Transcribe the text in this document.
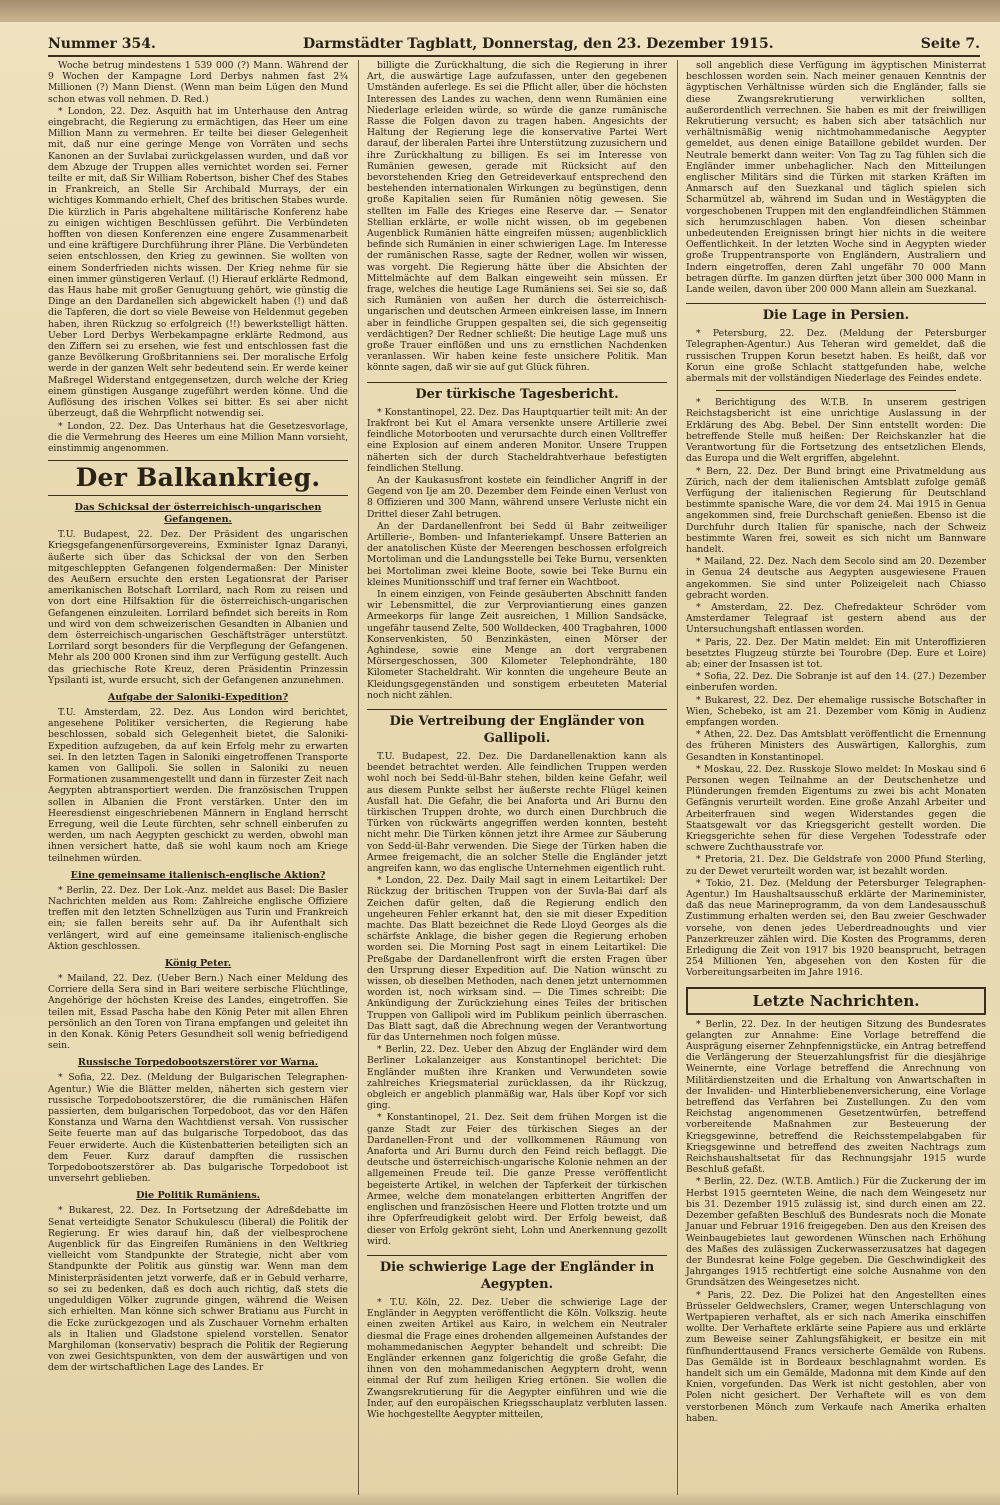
Nummer 354.	Darmstädter Tagblatt, Donnerstag, den 23. Dezember 1915.	Seite 7.

Woche betrug mindestens 1 539 000 (?) Mann. Während der 9 Wochen der Kampagne Lord Derbys nahmen fast 2¾ Millionen (?) Mann Dienst. (Wenn man beim Lügen den Mund schon etwas voll nehmen. D. Red.)

* London, 22. Dez. Asquith hat im Unterhause den Antrag eingebracht, die Regierung zu ermächtigen, das Heer um eine Million Mann zu vermehren. Er teilte bei dieser Gelegenheit mit, daß nur eine geringe Menge von Vorräten und sechs Kanonen an der Suvlabai zurückgelassen wurden, und daß vor dem Abzuge der Truppen alles vernichtet worden sei. Ferner teilte er mit, daß Sir William Robertson, bisher Chef des Stabes in Frankreich, an Stelle Sir Archibald Murrays, der ein wichtiges Kommando erhielt, Chef des britischen Stabes wurde. Die kürzlich in Paris abgehaltene militärische Konferenz habe zu einigen wichtigen Beschlüssen geführt. Die Verbündeten hofften von diesen Konferenzen eine engere Zusammenarbeit und eine kräftigere Durchführung ihrer Pläne. Die Verbündeten seien entschlossen, den Krieg zu gewinnen. Sie wollten von einem Sonderfrieden nichts wissen. Der Krieg nehme für sie einen immer günstigeren Verlauf. (!) Hierauf erklärte Redmond, das Haus habe mit großer Genugtuung gehört, wie günstig die Dinge an den Dardanellen sich abgewickelt haben (!) und daß die Tapferen, die dort so viele Beweise von Heldenmut gegeben haben, ihren Rückzug so erfolgreich (!!) bewerkstelligt hätten. Ueber Lord Derbys Werbekampagne erklärte Redmond, aus den Ziffern sei zu ersehen, wie fest und entschlossen fast die ganze Bevölkerung Großbritanniens sei. Der moralische Erfolg werde in der ganzen Welt sehr bedeutend sein. Er werde keiner Maßregel Widerstand entgegensetzen, durch welche der Krieg einem günstigen Ausgange zugeführt werden könne. Und die Auflösung des irischen Volkes sei bitter. Es sei aber nicht überzeugt, daß die Wehrpflicht notwendig sei.

* London, 22. Dez. Das Unterhaus hat die Gesetzesvorlage, die die Vermehrung des Heeres um eine Million Mann vorsieht, einstimmig angenommen.

Der Balkankrieg.
Das Schicksal der österreichisch-ungarischen Gefangenen.

T.U. Budapest, 22. Dez. Der Präsident des ungarischen Kriegsgefangenenfürsorgevereins, Exminister Ignaz Daranyi, äußerte sich über das Schicksal der von den Serben mitgeschleppten Gefangenen folgendermaßen: Der Minister des Aeußern ersuchte den ersten Legationsrat der Pariser amerikanischen Botschaft Lorrilard, nach Rom zu reisen und von dort eine Hilfsaktion für die österreichisch-ungarischen Gefangenen einzuleiten. Lorrilard befindet sich bereits in Rom und wird von dem schweizerischen Gesandten in Albanien und dem österreichisch-ungarischen Geschäftsträger unterstützt. Lorrilard sorgt besonders für die Verpflegung der Gefangenen. Mehr als 200 000 Kronen sind ihm zur Verfügung gestellt. Auch das griechische Rote Kreuz, deren Präsidentin Prinzessin Ypsilanti ist, wurde ersucht, sich der Gefangenen anzunehmen.

Aufgabe der Saloniki-Expedition?

T.U. Amsterdam, 22. Dez. Aus London wird berichtet, angesehene Politiker versicherten, die Regierung habe beschlossen, sobald sich Gelegenheit bietet, die Saloniki-Expedition aufzugeben, da auf kein Erfolg mehr zu erwarten sei. In den letzten Tagen in Saloniki eingetroffenen Transporte kamen von Gallipoli. Sie sollen in Saloniki zu neuen Formationen zusammengestellt und dann in fürzester Zeit nach Aegypten abtransportiert werden. Die französischen Truppen sollen in Albanien die Front verstärken. Unter den im Heeresdienst eingeschriebenen Männern in England herrscht Erregung, weil die Leute fürchten, sehr schnell einberufen zu werden, um nach Aegypten geschickt zu werden, obwohl man ihnen versichert hatte, daß sie wohl kaum noch am Kriege teilnehmen würden.

Eine gemeinsame italienisch-englische Aktion?

* Berlin, 22. Dez. Der Lok.-Anz. meldet aus Basel: Die Basler Nachrichten melden aus Rom: Zahlreiche englische Offiziere treffen mit den letzten Schnellzügen aus Turin und Frankreich ein; sie fallen bereits sehr auf. Da ihr Aufenthalt sich verlängert, wird auf eine gemeinsame italienisch-englische Aktion geschlossen.

König Peter.

* Mailand, 22. Dez. (Ueber Bern.) Nach einer Meldung des Corriere della Sera sind in Bari weitere serbische Flüchtlinge, Angehörige der höchsten Kreise des Landes, eingetroffen. Sie teilen mit, Essad Pascha habe den König Peter mit allen Ehren persönlich an den Toren von Tirana empfangen und geleitet ihn in den Konak. König Peters Gesundheit soll wenig befriedigend sein.

Russische Torpedobootszerstörer vor Warna.

* Sofia, 22. Dez. (Meldung der Bulgarischen Telegraphen-Agentur.) Wie die Blätter melden, näherten sich gestern vier russische Torpedobootszerstörer, die die rumänischen Häfen passierten, dem bulgarischen Torpedoboot, das vor den Häfen Konstanza und Warna den Wachtdienst versah. Von russischer Seite feuerte man auf das bulgarische Torpedoboot, das das Feuer erwiderte. Auch die Küstenbatterien beteiligten sich an dem Feuer. Kurz darauf dampften die russischen Torpedobootszerstörer ab. Das bulgarische Torpedoboot ist unversehrt geblieben.

Die Politik Rumäniens.

* Bukarest, 22. Dez. In Fortsetzung der Adreßdebatte im Senat verteidigte Senator Schukulescu (liberal) die Politik der Regierung. Er wies darauf hin, daß der vielbesprochene Augenblick für das Eingreifen Rumäniens in den Weltkrieg vielleicht vom Standpunkte der Strategie, nicht aber vom Standpunkte der Politik aus günstig war. Wenn man dem Ministerpräsidenten jetzt vorwerfe, daß er in Gebuld verharre, so sei zu bedenken, daß es doch auch richtig, daß stets die ungeduldigen Völker zugrunde gingen, während die Weisen sich erhielten. Man könne sich schwer Bratianu aus Furcht in die Ecke zurückgezogen und als Zuschauer Vornehm erhalten als in Italien und Gladstone spielend vorstellen. Senator Marghiloman (konservativ) besprach die Politik der Regierung von zwei Gesichtspunkten, von dem der auswärtigen und von dem der wirtschaftlichen Lage des Landes. Er

billigte die Zurückhaltung, die sich die Regierung in ihrer Art, die auswärtige Lage aufzufassen, unter den gegebenen Umständen auferlege. Es sei die Pflicht aller, über die höchsten Interessen des Landes zu wachen, denn wenn Rumänien eine Niederlage erleiden würde, so würde die ganze rumänische Rasse die Folgen davon zu tragen haben. Angesichts der Haltung der Regierung lege die konservative Partei Wert darauf, der liberalen Partei ihre Unterstützung zuzusichern und ihre Zurückhaltung zu billigen. Es sei im Interesse von Rumänien gewesen, gerade mit Rücksicht auf den bevorstehenden Krieg den Getreideverkauf entsprechend den bestehenden internationalen Wirkungen zu begünstigen, denn große Kapitalien seien für Rumänien nötig gewesen. Sie stellten im Falle des Krieges eine Reserve dar. — Senator Stellian erklärte, er wolle nicht wissen, ob im gegebenen Augenblick Rumänien hätte eingreifen müssen; augenblicklich befinde sich Rumänien in einer schwierigen Lage. Im Interesse der rumänischen Rasse, sagte der Redner, wollen wir wissen, was vorgeht. Die Regierung hätte über die Absichten der Mittelmächte auf dem Balkan eingeweiht sein müssen. Er frage, welches die heutige Lage Rumäniens sei. Sei sie so, daß sich Rumänien von außen her durch die österreichisch-ungarischen und deutschen Armeen einkreisen lasse, im Innern aber in feindliche Gruppen gespalten sei, die sich gegenseitig verdächtigen? Der Redner schließt: Die heutige Lage muß uns große Trauer einflößen und uns zu ernstlichen Nachdenken veranlassen. Wir haben keine feste unsichere Politik. Man könnte sagen, daß wir sie auf gut Glück führen.

Der türkische Tagesbericht.

* Konstantinopel, 22. Dez. Das Hauptquartier teilt mit: An der Irakfront bei Kut el Amara versenkte unsere Artillerie zwei feindliche Motorbooten und verursachte durch einen Volltreffer eine Explosion auf einem anderen Monitor. Unsere Truppen näherten sich der durch Stacheldrahtverhaue befestigten feindlichen Stellung.

An der Kaukasusfront kostete ein feindlicher Angriff in der Gegend von Ije am 20. Dezember dem Feinde einen Verlust von 8 Offizieren und 300 Mann, während unsere Verluste nicht ein Drittel dieser Zahl betrugen.

An der Dardanellenfront bei Sedd ül Bahr zeitweiliger Artillerie-, Bomben- und Infanteriekampf. Unsere Batterien an der anatolischen Küste der Meerengen beschossen erfolgreich Mortoliman und die Landungsstelle bei Teke Burnu, versenkten bei Mortoliman zwei kleine Boote, sowie bei Teke Burnu ein kleines Munitionsschiff und traf ferner ein Wachtboot.

In einem einzigen, von Feinde gesäuberten Abschnitt fanden wir Lebensmittel, die zur Verproviantierung eines ganzen Armeekorps für lange Zeit ausreichen, 1 Million Sandsäcke, ungefähr tausend Zelte, 500 Wolldecken, 400 Tragbahren, 1000 Konservenkisten, 50 Benzinkästen, einen Mörser der Aghindese, sowie eine Menge an dort vergrabenen Mörsergeschossen, 300 Kilometer Telephondrähte, 180 Kilometer Stacheldraht. Wir konnten die ungeheure Beute an Kleidungsgegenständen und sonstigem erbeuteten Material noch nicht zählen.

Die Vertreibung der Engländer von Gallipoli.

T.U. Budapest, 22. Dez. Die Dardanellenaktion kann als beendet betrachtet werden. Alle feindlichen Truppen werden wohl noch bei Sedd-ül-Bahr stehen, bilden keine Gefahr, weil aus diesem Punkte selbst her äußerste rechte Flügel keinen Ausfall hat. Die Gefahr, die bei Anaforta und Ari Burnu den türkischen Truppen drohte, wo durch einen Durchbruch die Türken von rückwärts angegriffen werden konnten, besteht nicht mehr. Die Türken können jetzt ihre Armee zur Säuberung von Sedd-ül-Bahr verwenden. Die Siege der Türken haben die Armee freigemacht, die an solcher Stelle die Engländer jetzt angreifen kann, wo das englische Unternehmen eigentlich ruht.

* London, 22. Dez. Daily Mail sagt in einem Leitartikel: Der Rückzug der britischen Truppen von der Suvla-Bai darf als Zeichen dafür gelten, daß die Regierung endlich den ungeheuren Fehler erkannt hat, den sie mit dieser Expedition machte. Das Blatt bezeichnet die Rede Lloyd Georges als die schärfste Anklage, die bisher gegen die Regierung erhoben worden sei. Die Morning Post sagt in einem Leitartikel: Die Preßgabe der Dardanellenfront wirft die ersten Fragen über den Ursprung dieser Expedition auf. Die Nation wünscht zu wissen, ob dieselben Methoden, nach denen jetzt unternommen worden ist, noch wirksam sind. — Die Times schreibt: Die Ankündigung der Zurückziehung eines Teiles der britischen Truppen von Gallipoli wird im Publikum peinlich überraschen. Das Blatt sagt, daß die Abrechnung wegen der Verantwortung für das Unternehmen noch folgen müsse.

* Berlin, 22. Dez. Ueber den Abzug der Engländer wird dem Berliner Lokalanzeiger aus Konstantinopel berichtet: Die Engländer mußten ihre Kranken und Verwundeten sowie zahlreiches Kriegsmaterial zurücklassen, da ihr Rückzug, obgleich er angeblich planmäßig war, Hals über Kopf vor sich ging.

* Konstantinopel, 21. Dez. Seit dem frühen Morgen ist die ganze Stadt zur Feier des türkischen Sieges an der Dardanellen-Front und der vollkommenen Räumung von Anaforta und Ari Burnu durch den Feind reich beflaggt. Die deutsche und österreichisch-ungarische Kolonie nehmen an der allgemeinen Freude teil. Die ganze Presse veröffentlicht begeisterte Artikel, in welchen der Tapferkeit der türkischen Armee, welche dem monatelangen erbitterten Angriffen der englischen und französischen Heere und Flotten trotzte und um ihre Opferfreudigkeit gelobt wird. Der Erfolg beweist, daß dieser von Erfolg gekrönt sieht, Lohn und Anerkennung gezollt wird.

Die schwierige Lage der Engländer in Aegypten.

* T.U. Köln, 22. Dez. Ueber die schwierige Lage der Engländer in Aegypten veröffentlicht die Köln. Volkszig. heute einen zweiten Artikel aus Kairo, in welchem ein Neutraler diesmal die Frage eines drohenden allgemeinen Aufstandes der mohammedanischen Aegypter behandelt und schreibt: Die Engländer erkennen ganz folgerichtig die große Gefahr, die ihnen von den mohammedanischen Aegyptern droht, wenn einmal der Ruf zum heiligen Krieg ertönen. Sie wollen die Zwangsrekrutierung für die Aegypter einführen und wie die Inder, auf den europäischen Kriegsschauplatz verbluten lassen. Wie hochgestellte Aegypter mitteilen,

soll angeblich diese Verfügung im ägyptischen Ministerrat beschlossen worden sein. Nach meiner genauen Kenntnis der ägyptischen Verhältnisse würden sich die Engländer, falls sie diese Zwangsrekrutierung verwirklichen sollten, außerordentlich verrechnen. Sie haben es mit der freiwilligen Rekrutierung versucht; es haben sich aber tatsächlich nur verhältnismäßig wenig nichtmohammedanische Aegypter gemeldet, aus denen einige Bataillone gebildet wurden. Der Neutrale bemerkt dann weiter: Von Tag zu Tag fühlen sich die Engländer immer unbehaglicher. Nach den Mitteilungen englischer Militärs sind die Türken mit starken Kräften im Anmarsch auf den Suezkanal und täglich spielen sich Scharmützel ab, während im Sudan und in Westägypten die vorgeschobenen Truppen mit den englandfeindlichen Stämmen sich herumzuschlagen haben. Von diesen scheinbar unbedeutenden Ereignissen bringt hier nichts in die weitere Oeffentlichkeit. In der letzten Woche sind in Aegypten wieder große Truppentransporte von Engländern, Australiern und Indern eingetroffen, deren Zahl ungefähr 70 000 Mann betragen dürfte. Im ganzen dürften jetzt über 300 000 Mann in Lande weilen, davon über 200 000 Mann allein am Suezkanal.

Die Lage in Persien.

* Petersburg, 22. Dez. (Meldung der Petersburger Telegraphen-Agentur.) Aus Teheran wird gemeldet, daß die russischen Truppen Korun besetzt haben. Es heißt, daß vor Korun eine große Schlacht stattgefunden habe, welche abermals mit der vollständigen Niederlage des Feindes endete.

* Berichtigung des W.T.B. In unserem gestrigen Reichstagsbericht ist eine unrichtige Auslassung in der Erklärung des Abg. Bebel. Der Sinn entstellt worden: Die betreffende Stelle muß heißen: Der Reichskanzler hat die Verantwortung für die Fortsetzung des entsetzlichen Elends, das Europa und die Welt ergriffen, abgelehnt.

* Bern, 22. Dez. Der Bund bringt eine Privatmeldung aus Zürich, nach der dem italienischen Amtsblatt zufolge gemäß Verfügung der italienischen Regierung für Deutschland bestimmte spanische Ware, die vor dem 24. Mai 1915 in Genua angekommen sind, freie Durchschaft genießen. Ebenso ist die Durchfuhr durch Italien für spanische, nach der Schweiz bestimmte Waren frei, soweit es sich nicht um Bannware handelt.

* Mailand, 22. Dez. Nach dem Secolo sind am 20. Dezember in Genua 24 deutsche aus Aegypten ausgewiesene Frauen angekommen. Sie sind unter Polizeigeleit nach Chiasso gebracht worden.

* Amsterdam, 22. Dez. Chefredakteur Schröder vom Amsterdamer Telegraaf ist gestern abend aus der Untersuchungshaft entlassen worden.

* Paris, 22. Dez. Der Matin meldet: Ein mit Unteroffizieren besetztes Flugzeug stürzte bei Tourobre (Dep. Eure et Loire) ab; einer der Insassen ist tot.

* Sofia, 22. Dez. Die Sobranje ist auf den 14. (27.) Dezember einberufen worden.

* Bukarest, 22. Dez. Der ehemalige russische Botschafter in Wien, Schebeko, ist am 21. Dezember vom König in Audienz empfangen worden.

* Athen, 22. Dez. Das Amtsblatt veröffentlicht die Ernennung des früheren Ministers des Auswärtigen, Kallorghis, zum Gesandten in Konstantinopel.

* Moskau, 22. Dez. Russkoje Slowo meldet: In Moskau sind 6 Personen wegen Teilnahme an der Deutschenhetze und Plünderungen fremden Eigentums zu zwei bis acht Monaten Gefängnis verurteilt worden. Eine große Anzahl Arbeiter und Arbeiterfrauen sind wegen Widerstandes gegen die Staatsgewalt vor das Kriegsgericht gestellt worden. Die Kriegsgerichte sehen für diese Vergehen Todesstrafe oder schwere Zuchthausstrafe vor.

* Pretoria, 21. Dez. Die Geldstrafe von 2000 Pfund Sterling, zu der Dewet verurteilt worden war, ist bezahlt worden.

* Tokio, 21. Dez. (Meldung der Petersburger Telegraphen-Agentur.) Im Haushaltsausschuß erklärte der Marineminister, daß das neue Marineprogramm, da von dem Landesausschuß Zustimmung erhalten werden sei, den Bau zweier Geschwader vorsehe, von denen jedes Ueberdreadnoughts und vier Panzerkreuzer zählen wird. Die Kosten des Programms, deren Erledigung die Zeit von 1917 bis 1920 beansprucht, betragen 254 Millionen Yen, abgesehen von den Kosten für die Vorbereitungsarbeiten im Jahre 1916.

Letzte Nachrichten.

* Berlin, 22. Dez. In der heutigen Sitzung des Bundesrates gelangten zur Annahme: Eine Vorlage betreffend die Ausprägung eiserner Zehnpfennigstücke, ein Antrag betreffend die Verlängerung der Steuerzahlungsfrist für die diesjährige Weinernte, eine Vorlage betreffend die Anrechnung von Militärdienstzeiten und die Erhaltung von Anwartschaften in der Invaliden- und Hinterbliebenenversicherung, eine Vorlage betreffend das Verfahren bei Zustellungen. Zu den vom Reichstag angenommenen Gesetzentwürfen, betreffend vorbereitende Maßnahmen zur Besteuerung der Kriegsgewinne, betreffend die Reichsstempelabgaben für Kriegsgewinne und betreffend des zweiten Nachtrags zum Reichshaushaltsetat für das Rechnungsjahr 1915 wurde Beschluß gefaßt.

* Berlin, 22. Dez. (W.T.B. Amtlich.) Für die Zuckerung der im Herbst 1915 geernteten Weine, die nach dem Weingesetz nur bis 31. Dezember 1915 zulässig ist, sind durch einen am 22. Dezember gefaßten Beschluß des Bundesrats noch die Monate Januar und Februar 1916 freigegeben. Den aus den Kreisen des Weinbaugebietes laut gewordenen Wünschen nach Erhöhung des Maßes des zulässigen Zuckerwasserzusatzes hat dagegen der Bundesrat keine Folge gegeben. Die Geschwindigkeit des Jahrganges 1915 rechtfertigt eine solche Ausnahme von den Grundsätzen des Weingesetzes nicht.

* Paris, 22. Dez. Die Polizei hat den Angestellten eines Brüsseler Geldwechslers, Cramer, wegen Unterschlagung von Wertpapieren verhaftet, als er sich nach Amerika einschiffen wollte. Der Verhaftete erklärte seine Papiere aus und erklärte zum Beweise seiner Zahlungsfähigkeit, er besitze ein mit fünfhunderttausend Francs versicherte Gemälde von Rubens. Das Gemälde ist in Bordeaux beschlagnahmt worden. Es handelt sich um ein Gemälde, Madonna mit dem Kinde auf den Knien, vorgefunden. Das Werk ist nicht gestohlen, aber von Polen nicht gesichert. Der Verhaftete will es von dem verstorbenen Mönch zum Verkaufe nach Amerika erhalten haben.
